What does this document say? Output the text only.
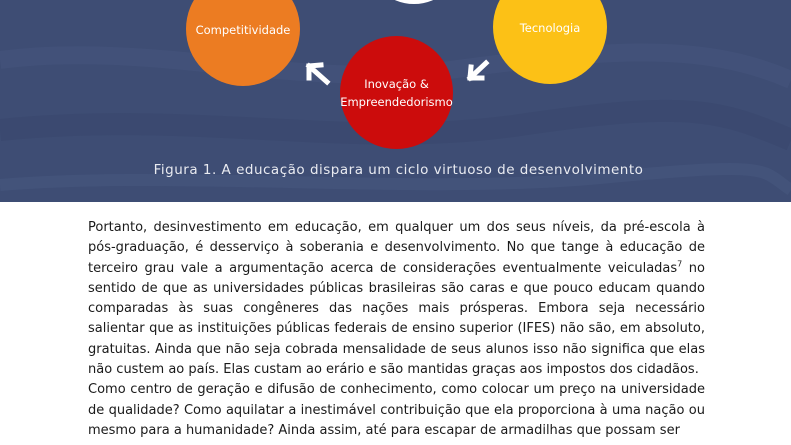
Competitividade	Tecnologia
Inovação &
Empreendedorismo
Figura 1. A educação dispara um ciclo virtuoso de desenvolvimento

Portanto, desinvestimento em educação, em qualquer um dos seus níveis, da pré-escola à pós-graduação, é desserviço à soberania e desenvolvimento. No que tange à educação de terceiro grau vale a argumentação acerca de considerações eventualmente veiculadas$^7$ no sentido de que as universidades públicas brasileiras são caras e que pouco educam quando comparadas às suas congêneres das nações mais prósperas. Embora seja necessário salientar que as instituições públicas federais de ensino superior (IFES) não são, em absoluto, gratuitas. Ainda que não seja cobrada mensalidade de seus alunos isso não significa que elas não custem ao país. Elas custam ao erário e são mantidas graças aos impostos dos cidadãos.

Como centro de geração e difusão de conhecimento, como colocar um preço na universidade de qualidade? Como aquilatar a inestimável contribuição que ela proporciona à uma nação ou mesmo para a humanidade? Ainda assim, até para escapar de armadilhas que possam ser
